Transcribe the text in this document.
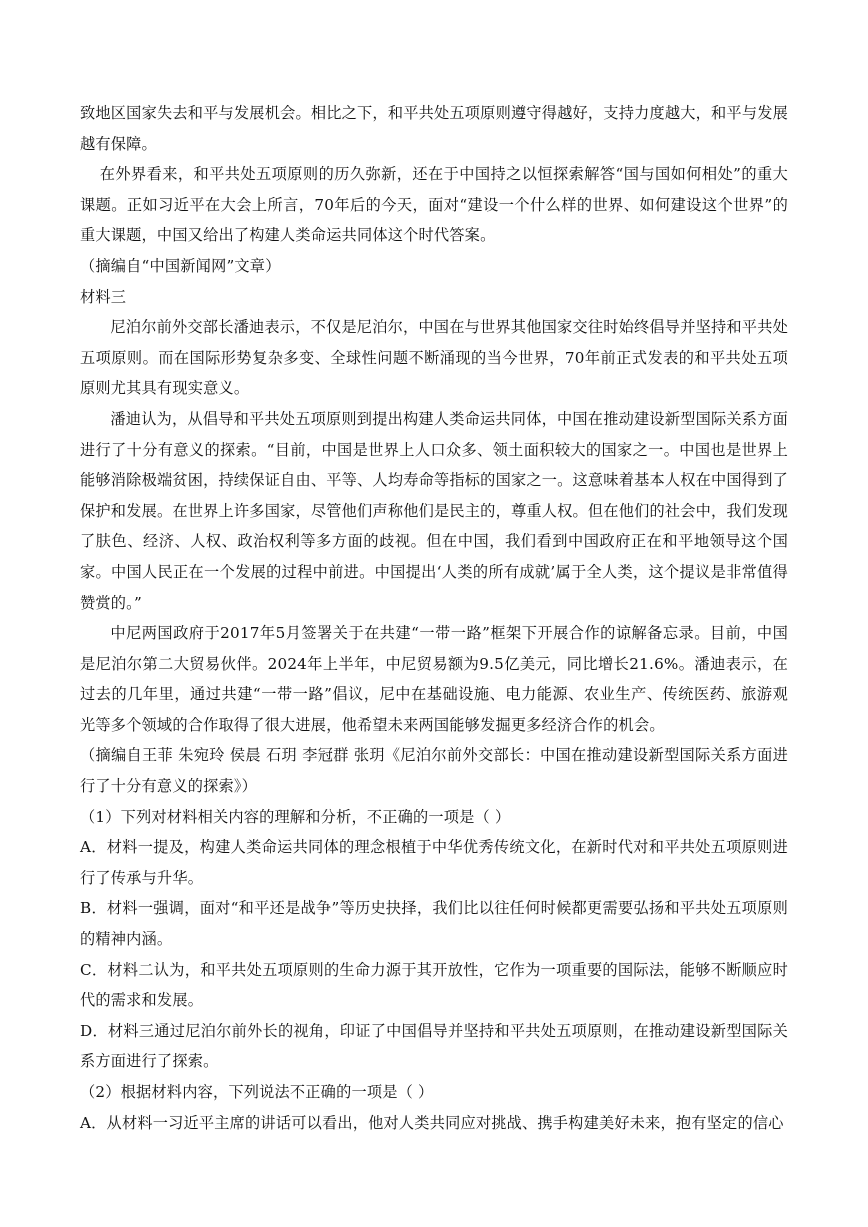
致地区国家失去和平与发展机会。相比之下，和平共处五项原则遵守得越好，支持力度越大，和平与发展越有保障。

在外界看来，和平共处五项原则的历久弥新，还在于中国持之以恒探索解答“国与国如何相处”的重大课题。正如习近平在大会上所言，70年后的今天，面对“建设一个什么样的世界、如何建设这个世界”的重大课题，中国又给出了构建人类命运共同体这个时代答案。

（摘编自“中国新闻网”文章）

材料三

尼泊尔前外交部长潘迪表示，不仅是尼泊尔，中国在与世界其他国家交往时始终倡导并坚持和平共处五项原则。而在国际形势复杂多变、全球性问题不断涌现的当今世界，70年前正式发表的和平共处五项原则尤其具有现实意义。

潘迪认为，从倡导和平共处五项原则到提出构建人类命运共同体，中国在推动建设新型国际关系方面进行了十分有意义的探索。“目前，中国是世界上人口众多、领土面积较大的国家之一。中国也是世界上能够消除极端贫困，持续保证自由、平等、人均寿命等指标的国家之一。这意味着基本人权在中国得到了保护和发展。在世界上许多国家，尽管他们声称他们是民主的，尊重人权。但在他们的社会中，我们发现了肤色、经济、人权、政治权利等多方面的歧视。但在中国，我们看到中国政府正在和平地领导这个国家。中国人民正在一个发展的过程中前进。中国提出‘人类的所有成就’属于全人类，这个提议是非常值得赞赏的。”

中尼两国政府于2017年5月签署关于在共建“一带一路”框架下开展合作的谅解备忘录。目前，中国是尼泊尔第二大贸易伙伴。2024年上半年，中尼贸易额为9.5亿美元，同比增长21.6%。潘迪表示，在过去的几年里，通过共建“一带一路”倡议，尼中在基础设施、电力能源、农业生产、传统医药、旅游观光等多个领域的合作取得了很大进展，他希望未来两国能够发掘更多经济合作的机会。

（摘编自王菲 朱宛玲 侯晨 石玥 李冠群 张玥《尼泊尔前外交部长：中国在推动建设新型国际关系方面进行了十分有意义的探索》）

（1）下列对材料相关内容的理解和分析，不正确的一项是（ ）

A．材料一提及，构建人类命运共同体的理念根植于中华优秀传统文化，在新时代对和平共处五项原则进行了传承与升华。

B．材料一强调，面对“和平还是战争”等历史抉择，我们比以往任何时候都更需要弘扬和平共处五项原则的精神内涵。

C．材料二认为，和平共处五项原则的生命力源于其开放性，它作为一项重要的国际法，能够不断顺应时代的需求和发展。

D．材料三通过尼泊尔前外长的视角，印证了中国倡导并坚持和平共处五项原则，在推动建设新型国际关系方面进行了探索。

（2）根据材料内容，下列说法不正确的一项是（ ）

A．从材料一习近平主席的讲话可以看出，他对人类共同应对挑战、携手构建美好未来，抱有坚定的信心
